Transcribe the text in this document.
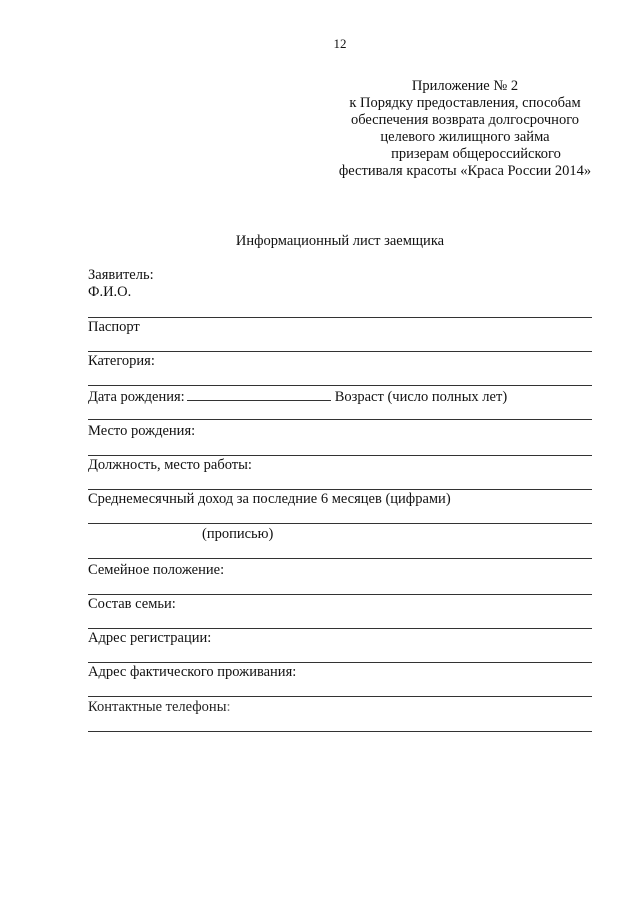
12
Приложение № 2
к Порядку предоставления, способам
обеспечения возврата долгосрочного
целевого жилищного займа
призерам общероссийского
фестиваля красоты «Краса России 2014»
Информационный лист заемщика
Заявитель:
Ф.И.О.
Паспорт
Категория:
Дата рождения:	Возраст (число полных лет)
Место рождения:
Должность, место работы:
Среднемесячный доход за последние 6 месяцев (цифрами)
(прописью)
Семейное положение:
Состав семьи:
Адрес регистрации:
Адрес фактического проживания:
Контактные телефоны:
